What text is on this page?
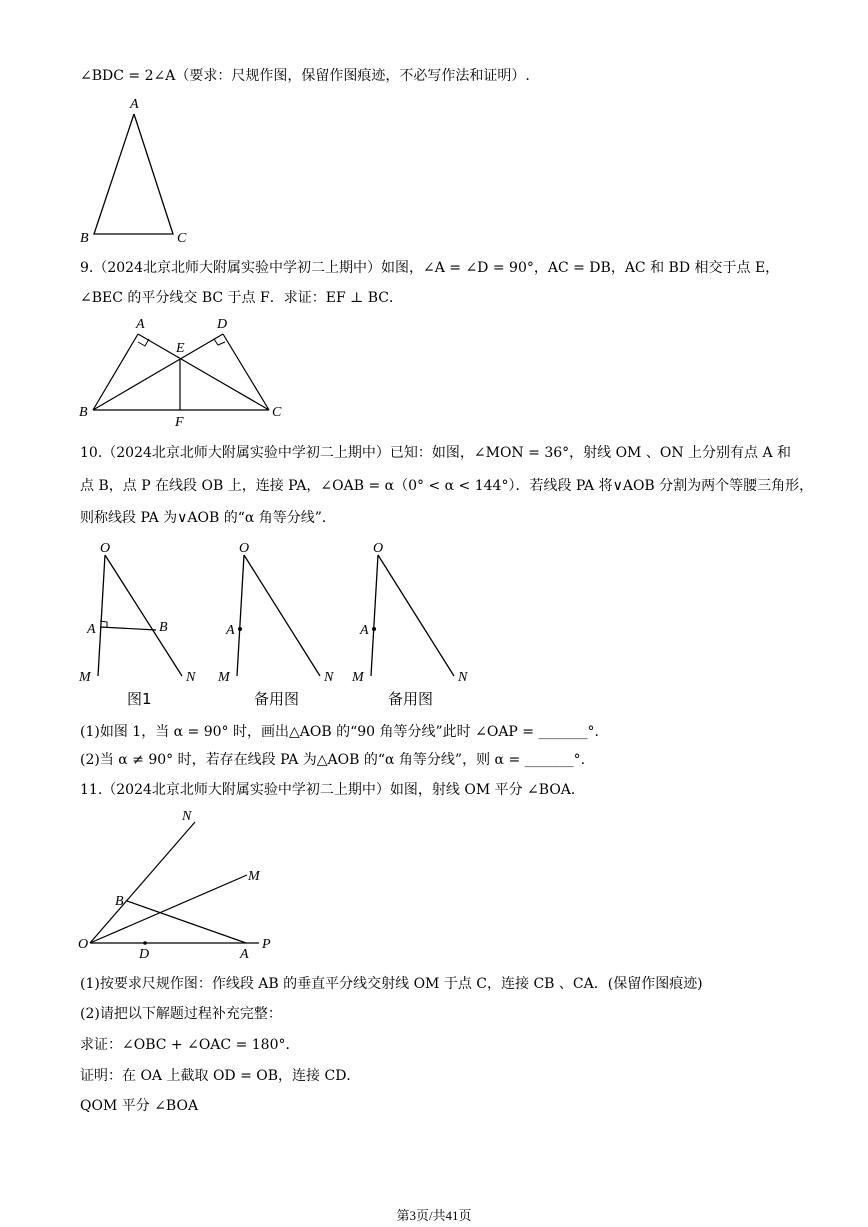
∠BDC = 2∠A（要求：尺规作图，保留作图痕迹，不必写作法和证明）.
A
B	C
9.（2024北京北师大附属实验中学初二上期中）如图，∠A = ∠D = 90°，AC = DB，AC 和 BD 相交于点 E，
∠BEC 的平分线交 BC 于点 F．求证：EF ⊥ BC．
A	D
E
B	C
F
10.（2024北京北师大附属实验中学初二上期中）已知：如图，∠MON = 36°，射线 OM 、ON 上分别有点 A 和
点 B，点 P 在线段 OB 上，连接 PA，∠OAB = α（0° < α < 144°）．若线段 PA 将∨AOB 分割为两个等腰三角形，
则称线段 PA 为∨AOB 的“α 角等分线”．
O
A	B
M	N
图1
O
A
M	N
备用图
O
A
M	N
备用图
(1)如图 1，当 α = 90° 时，画出△AOB 的“90 角等分线”此时 ∠OAP = _______°.
(2)当 α ≠ 90° 时，若存在线段 PA 为△AOB 的“α 角等分线”，则 α = _______°.
11.（2024北京北师大附属实验中学初二上期中）如图，射线 OM 平分 ∠BOA．
N
M
B
O
D	A
P
(1)按要求尺规作图：作线段 AB 的垂直平分线交射线 OM 于点 C，连接 CB 、CA．(保留作图痕迹)
(2)请把以下解题过程补充完整：
求证：∠OBC + ∠OAC = 180°．
证明：在 OA 上截取 OD = OB，连接 CD．
QOM 平分 ∠BOA
第3页/共41页
